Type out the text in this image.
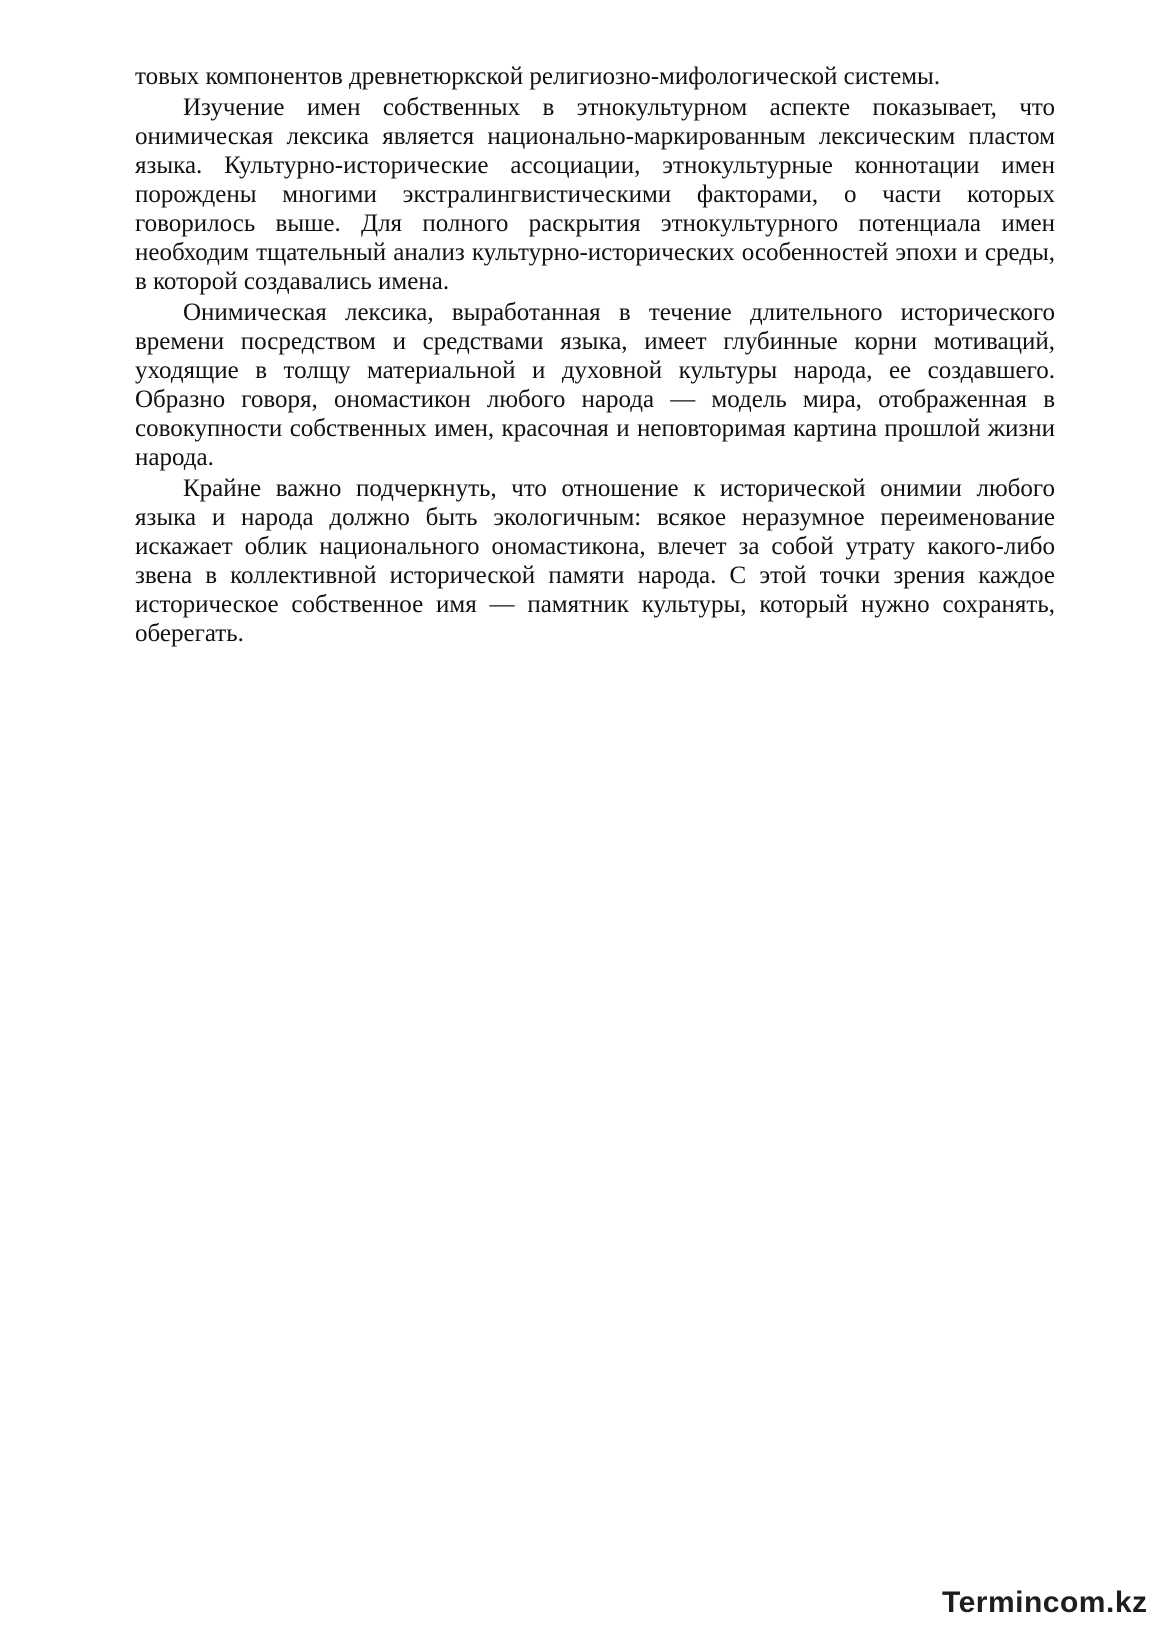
товых компонентов древнетюркской религиозно-мифологической системы.

Изучение имен собственных в этнокультурном аспекте показывает, что онимическая лексика является национально-маркированным лексическим пластом языка. Культурно-исторические ассоциации, этнокультурные коннотации имен порождены многими экстралингвистическими факторами, о части которых говорилось выше. Для полного раскрытия этнокультурного потенциала имен необходим тщательный анализ культурно-исторических особенностей эпохи и среды, в которой создавались имена.

Онимическая лексика, выработанная в течение длительного исторического времени посредством и средствами языка, имеет глубинные корни мотиваций, уходящие в толщу материальной и духовной культуры народа, ее создавшего. Образно говоря, ономастикон любого народа — модель мира, отображенная в совокупности собственных имен, красочная и неповторимая картина прошлой жизни народа.

Крайне важно подчеркнуть, что отношение к исторической онимии любого языка и народа должно быть экологичным: всякое неразумное переименование искажает облик национального ономастикона, влечет за собой утрату какого-либо звена в коллективной исторической памяти народа. С этой точки зрения каждое историческое собственное имя — памятник культуры, который нужно сохранять, оберегать.

Termincom.kz
